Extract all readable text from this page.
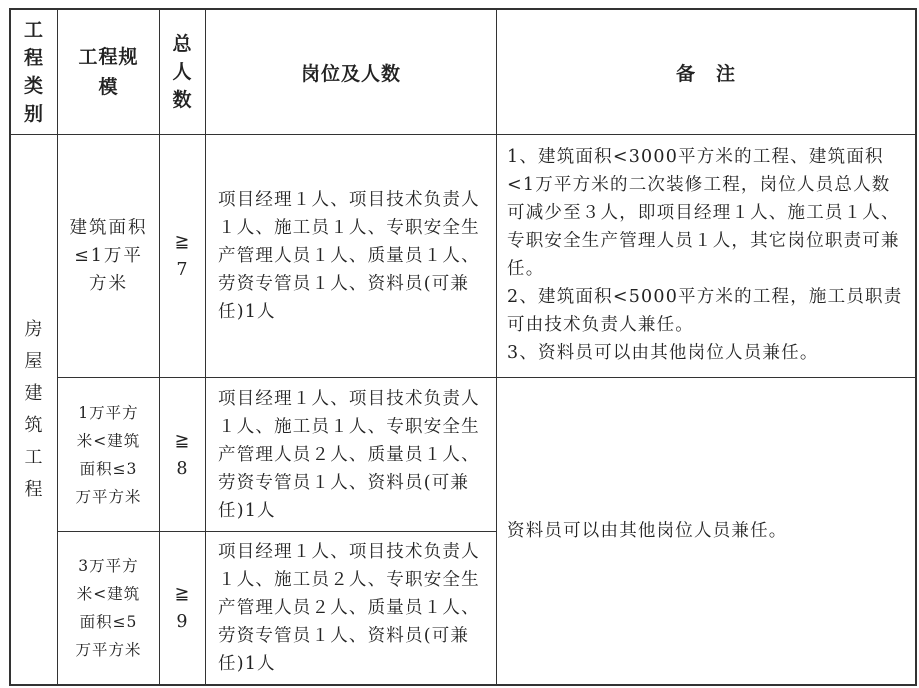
工程类别
工程规模
总人数
岗位及人数	备　注
房屋建筑工程
建筑面积≤1万平方米
≧7
项目经理１人、项目技术负责人１人、施工员１人、专职安全生产管理人员１人、质量员１人、劳资专管员１人、资料员(可兼任)1人

1、建筑面积<3000平方米的工程、建筑面积<1万平方米的二次装修工程，岗位人员总人数可减少至３人，即项目经理１人、施工员１人、专职安全生产管理人员１人，其它岗位职责可兼任。

2、建筑面积<5000平方米的工程，施工员职责可由技术负责人兼任。

3、资料员可以由其他岗位人员兼任。

1万平方米<建筑面积≤3万平方米
≧8
项目经理１人、项目技术负责人１人、施工员１人、专职安全生产管理人员２人、质量员１人、劳资专管员１人、资料员(可兼任)1人
资料员可以由其他岗位人员兼任。
3万平方米<建筑面积≤5万平方米
≧9
项目经理１人、项目技术负责人１人、施工员２人、专职安全生产管理人员２人、质量员１人、劳资专管员１人、资料员(可兼任)1人
